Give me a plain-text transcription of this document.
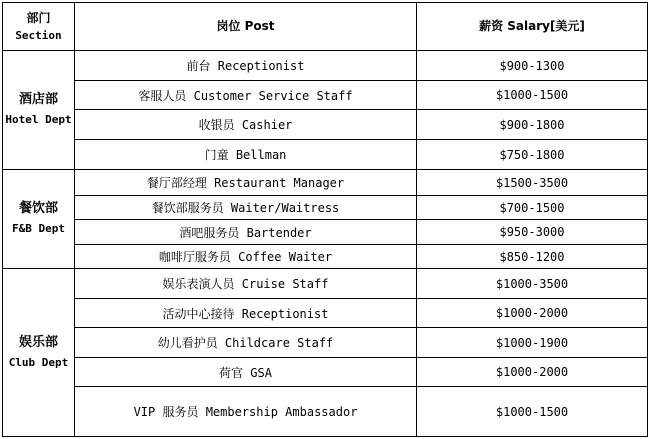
部门
Section	岗位 Post	薪资 Salary[美元]

酒店部
Hotel Dept	前台 Receptionist	$900-1300
	客服人员 Customer Service Staff	$1000-1500
	收银员 Cashier	$900-1800
	门童 Bellman	$750-1800

餐饮部
F&B Dept	餐厅部经理 Restaurant Manager	$1500-3500
	餐饮部服务员 Waiter/Waitress	$700-1500
	酒吧服务员 Bartender	$950-3000
	咖啡厅服务员 Coffee Waiter	$850-1200

娱乐部
Club Dept	娱乐表演人员 Cruise Staff	$1000-3500
	活动中心接待 Receptionist	$1000-2000
	幼儿看护员 Childcare Staff	$1000-1900
	荷官 GSA	$1000-2000
	VIP 服务员 Membership Ambassador	$1000-1500
